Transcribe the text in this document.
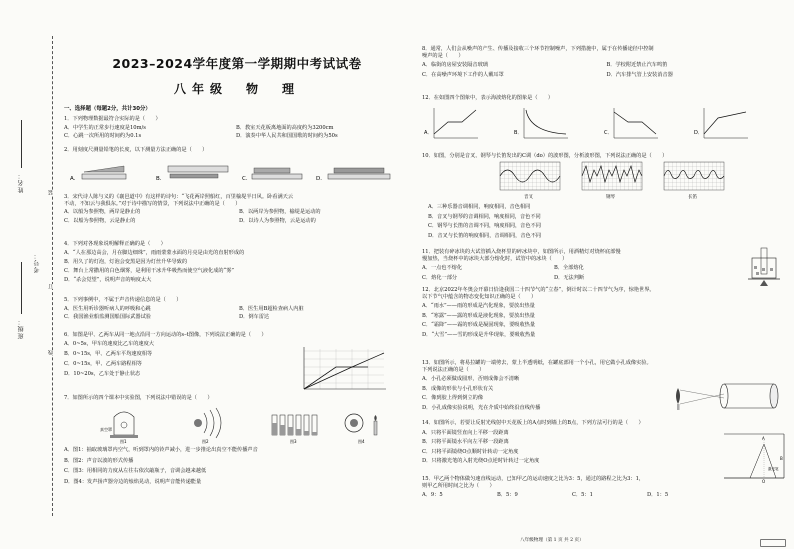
班级：
姓名：
考号：
装
订
线
2023–2024学年度第一学期期中考试试卷
八年级　物　理
一、选择题（每题2分，共计30分）
1．下列物理数据最符合实际的是（　　）
A．中学生的正常步行速度是10m/s	B．教室天花板离地面的高度约为3200cm
C．心跳一次所用的时间约为0.1s	D．演奏中华人民共和国国歌的时间约为50s
2．用刻度尺测量铅笔的长度，以下测量方法正确的是（　　）
A．	B．	C．	D．
3．宋代诗人陈与义的《襄邑道中》有这样的诗句：“飞花两岸照船红，百里榆堤半日风。卧看满天云
不动，不知云与我俱东。”对于诗中描写的情景，下列说法中正确的是（　　）
A．以船为参照物，两岸是静止的	B．以两岸为参照物，榆堤是运动的
C．以船为参照物，云是静止的	D．以诗人为参照物，云是运动的
4．下列对各现象说明解释正确的是（　　）
A．“人在那边高会，月在脚边细珠”，雨雨蒙蒙水面的月亮是由光的直射形成的
B．用久了的灯泡，灯泡会变黑是因为灯丝升华导致的
C．舞台上常撒用的白色烟雾，是利用干冰升华吸热而使空气液化成的“雾”
D．“杀会觉望”，说明声音的响度太大
5．下列事例中，不属于声音传递信息的是（　　）
A．医生用听诊器听病人的呼吸和心跳	B．医生用B超检查病人内脏
C．我国渔业船监测国船国际武器试验	D．倒车雷达
6．如图是甲、乙两车从同一地点沿同一方向运动的s–t图像，下列说法正确的是（　　）
A．0~5s，甲车的速度比乙车的速度大
B．0~15s，甲、乙两车平均速度相等
C．0~15s，甲、乙两车路程相等
D．10~20s，乙车处于静止状态
7．如图所示的四个课本中实验图，下列说法中错误的是（　　）
真空罩
图1	图2	图3	图4
A．图1：抽取玻璃罩内空气，听到罩内的铃声减小，进一步推论出真空不能传播声音
B．图2：声音以波的形式传播
C．图3：用相同的力度从左往右依次敲瓶子，音调会越来越低
D．图4：发声扬声器旁边的烛焰晃动，说明声音能传递能量
8．通常，人们会从噪声的产生、传播及接收三个环节控制噪声，下列措施中，属于在传播途径中控制
噪声的是（　　）
A．临街的房屋安装隔音玻璃	B．学校附近禁止汽车鸣笛
C．在高噪声环境下工作的人戴耳罩	D．汽车排气管上安装消音器
12．在如图四个图象中，表示海波熔化的图象是（　　）
A．	B．	C．	D．
10．如图，分别是音叉、钢琴与长笛发出的C调（do）的波形图，分析波形图，下列说法正确的是（　　）
音叉	钢琴	长笛
A．三种乐器音调相同，响度相同，音色相同
B．音叉与钢琴的音调相同，响度相同，音色不同
C．钢琴与长笛的音调不同，响度相同，音色不同
D．音叉与长笛的响度相同，音调相同，音色不同
11．把装有碎冰块的大试管插入烧杯里的碎冰块中，如图所示，用酒精灯对烧杯底部慢
慢加热，当烧杯中的冰块大部分熔化时，试管中的冰块（　　）
A．一点也不熔化	B．全部熔化
C．熔化一部分	D．无法判断
12．北京2022年冬奥会开幕日恰逢我国二十四节气的“立春”，倒计时以二十四节气为序，惊艳世界。
以下节气中蕴含的物态变化知识正确的是（　　）
A．“雨水”——雨的形成是汽化现象，要放出热量
B．“寒露”——露的形成是液化现象，要放出热量
C．“霜降”——霜的形成是凝固现象，要吸收热量
D．“大雪”——雪的形成是升华现象，要吸收热量
13．如图所示，将易拉罐的一端剪去，蒙上半透明纸，在罐底部用一个小孔，用它做小孔成像实验。
下列说法正确的是（　　）
A．小孔必须做成圆形，否则成像会不清晰
B．成像的形状与小孔形状有关
C．像到胶上得到倒立的像
D．小孔成像实验说明，光在介质中始终沿直线传播
14．如图所示，若要让反射光线射中天花板上的A点时到墙上的B点，下列方法可行的是（　　）
A．只将平面镜竖直向上平移一段距离
B．只将平面镜水平向左平移一段距离
C．只将平面镜绕O点顺时针转动一定角度
D．只将激光笔的入射光绕O点逆时针转过一定角度
A
B
O
激光笔
15．甲乙两个物体做匀速直线运动，已知甲乙的运动速度之比为3：5，通过的路程之比为3：1，
则甲乙所用时间之比为（　　）
A．9：5	B．5：9	C．5：1	D．1：5
八年级物理（第 1 页 共 2 页）
